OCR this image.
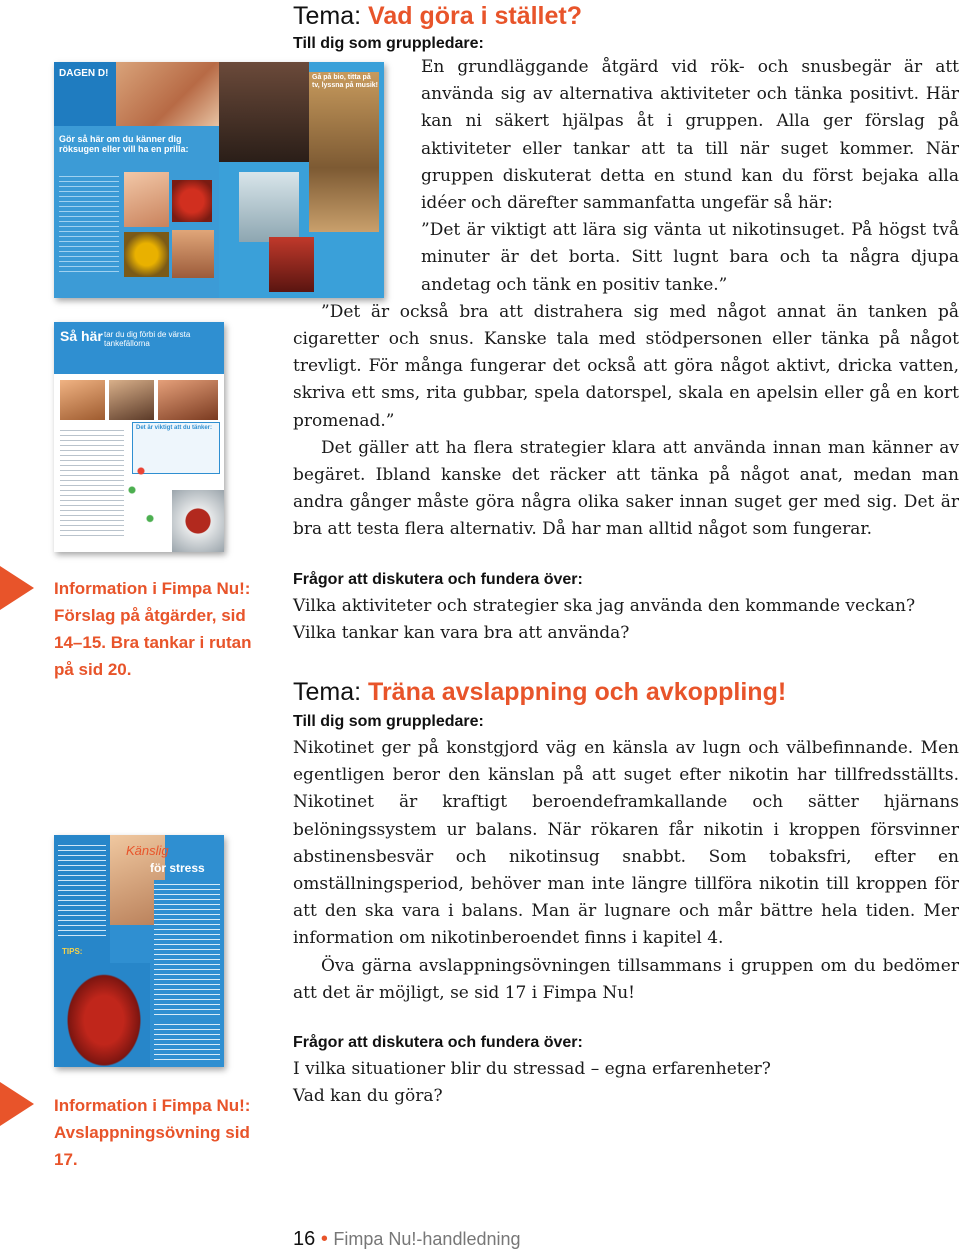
DAGEN D!
Gör så här om du känner dig röksugen eller vill ha en prilla:
Gå på bio, titta på tv, lyssna på musik!
Så här tar du dig förbi de värsta tankefällorna
Det är viktigt att du tänker:
TIPS:
Känslig
för stress
Information i Fimpa Nu!: Förslag på åtgärder, sid 14–15. Bra tankar i rutan på sid 20.
Information i Fimpa Nu!: Avslappningsövning sid 17.
Tema: Vad göra i stället?
Till dig som gruppledare:

En grundläggande åtgärd vid rök- och snusbegär är att använda sig av alternativa aktiviteter och tänka positivt. Här kan ni säkert hjälpas åt i gruppen. Alla ger förslag på aktiviteter eller tankar att ta till när suget kommer. När gruppen diskuterat detta en stund kan du först bejaka alla idéer och därefter sammanfatta ungefär så här:

”Det är viktigt att lära sig vänta ut nikotinsuget. På högst två minuter är det borta. Sitt lugnt bara och ta några djupa andetag och tänk en positiv tanke.”

”Det är också bra att distrahera sig med något annat än tanken på cigaretter och snus. Kanske tala med stödpersonen eller tänka på något trevligt. För många fungerar det också att göra något aktivt, dricka vatten, skriva ett sms, rita gubbar, spela datorspel, skala en apelsin eller gå en kort promenad.”

Det gäller att ha flera strategier klara att använda innan man känner av begäret. Ibland kanske det räcker att tänka på något anat, medan man andra gånger måste göra några olika saker innan suget ger med sig. Det är bra att testa flera alternativ. Då har man alltid något som fungerar.

Frågor att diskutera och fundera över:
Vilka aktiviteter och strategier ska jag använda den kommande veckan?
Vilka tankar kan vara bra att använda?
Tema: Träna avslappning och avkoppling!
Till dig som gruppledare:

Nikotinet ger på konstgjord väg en känsla av lugn och välbefinnande. Men egentligen beror den känslan på att suget efter nikotin har tillfredsställts. Nikotinet är kraftigt beroendeframkallande och sätter hjärnans belöningssystem ur balans. När rökaren får nikotin i kroppen försvinner abstinensbesvär och nikotinsug snabbt. Som tobaksfri, efter en omställningsperiod, behöver man inte längre tillföra nikotin till kroppen för att den ska vara i balans. Man är lugnare och mår bättre hela tiden. Mer information om nikotinberoendet finns i kapitel 4.

Öva gärna avslappningsövningen tillsammans i gruppen om du bedömer att det är möjligt, se sid 17 i Fimpa Nu!

Frågor att diskutera och fundera över:
I vilka situationer blir du stressad – egna erfarenheter?
Vad kan du göra?
16 • Fimpa Nu!-handledning
